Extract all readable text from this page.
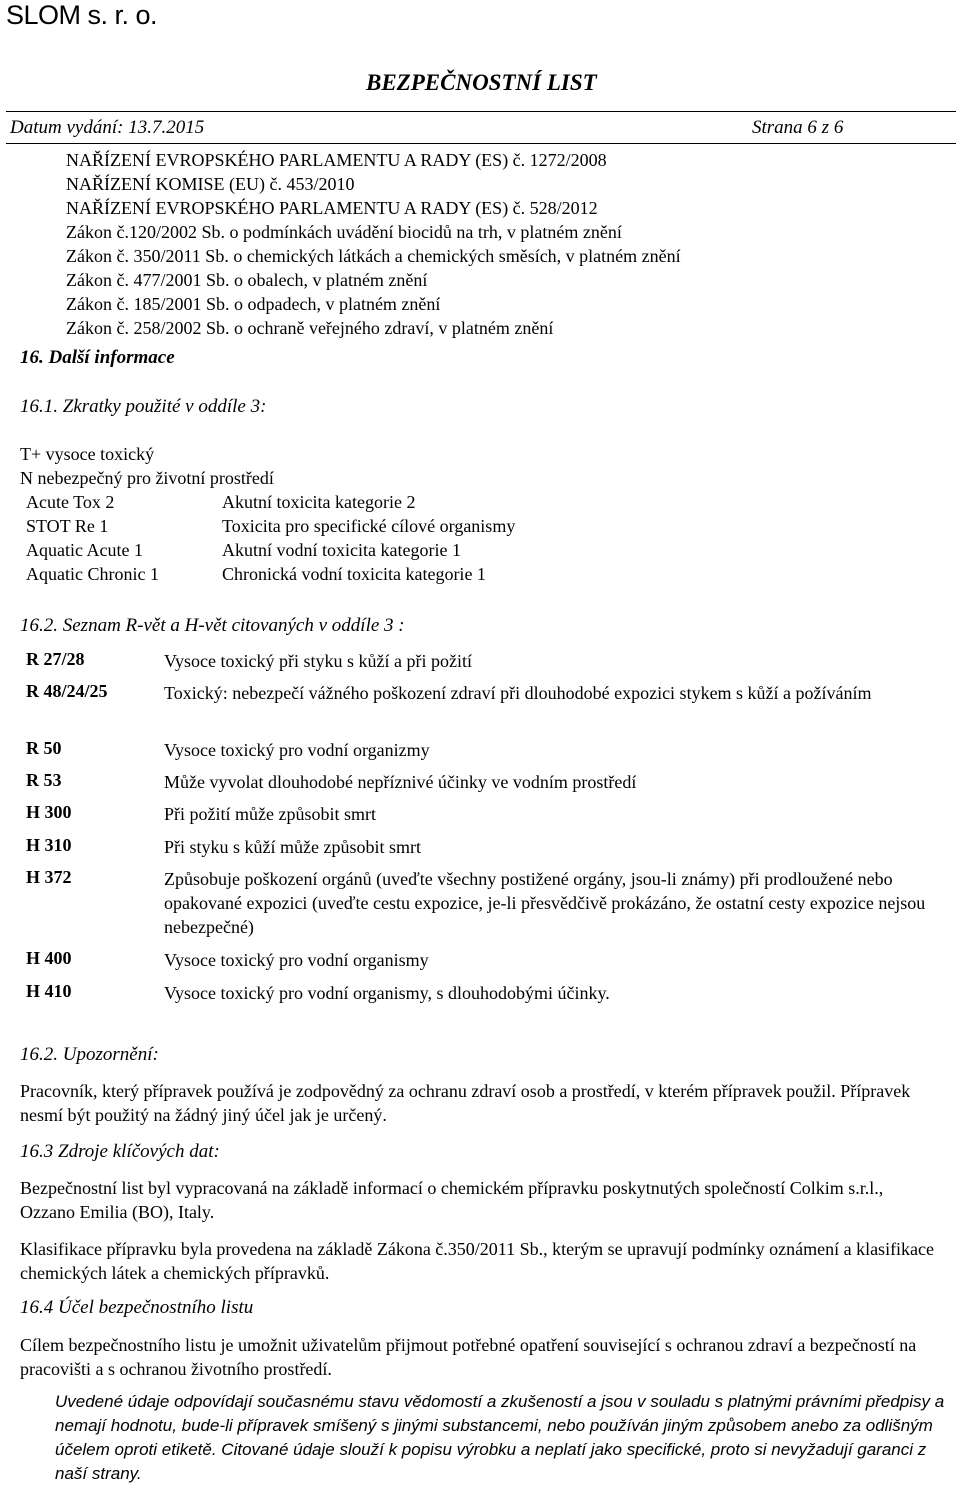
SLOM s. r. o.
BEZPEČNOSTNÍ LIST
Datum vydání: 13.7.2015	Strana 6 z 6
NAŘÍZENÍ EVROPSKÉHO PARLAMENTU A RADY (ES) č. 1272/2008
NAŘÍZENÍ KOMISE (EU) č. 453/2010
NAŘÍZENÍ EVROPSKÉHO PARLAMENTU A RADY (ES) č. 528/2012
Zákon č.120/2002 Sb. o podmínkách uvádění biocidů na trh, v platném znění
Zákon č. 350/2011 Sb. o chemických látkách a chemických směsích, v platném znění
Zákon č. 477/2001 Sb. o obalech, v platném znění
Zákon č. 185/2001 Sb. o odpadech, v platném znění
Zákon č. 258/2002 Sb. o ochraně veřejného zdraví, v platném znění
16. Další informace
16.1. Zkratky použité v oddíle 3:
T+ vysoce toxický
N nebezpečný pro životní prostředí
Acute Tox 2	Akutní toxicita kategorie 2
STOT Re 1	Toxicita pro specifické cílové organismy
Aquatic Acute 1	Akutní vodní toxicita kategorie 1
Aquatic Chronic 1	Chronická vodní toxicita kategorie 1
16.2. Seznam R-vět a H-vět citovaných v oddíle 3 :
R 27/28	Vysoce toxický při styku s kůží a při požití
R 48/24/25	Toxický: nebezpečí vážného poškození zdraví při dlouhodobé expozici stykem s kůží a požíváním
R 50	Vysoce toxický pro vodní organizmy
R 53	Může vyvolat dlouhodobé nepříznivé účinky ve vodním prostředí
H 300	Při požití může způsobit smrt
H 310	Při styku s kůží může způsobit smrt
H 372	Způsobuje poškození orgánů (uveďte všechny postižené orgány, jsou-li známy) při prodloužené nebo opakované expozici (uveďte cestu expozice, je-li přesvědčivě prokázáno, že ostatní cesty expozice nejsou nebezpečné)
H 400	Vysoce toxický pro vodní organismy
H 410	Vysoce toxický pro vodní organismy, s dlouhodobými účinky.
16.2. Upozornění:
Pracovník, který přípravek používá je zodpovědný za ochranu zdraví osob a prostředí, v kterém přípravek použil. Přípravek nesmí být použitý na žádný jiný účel jak je určený.
16.3 Zdroje klíčových dat:
Bezpečnostní list byl vypracovaná na základě informací o chemickém přípravku poskytnutých společností Colkim s.r.l., Ozzano Emilia (BO), Italy.
Klasifikace přípravku byla provedena na základě Zákona č.350/2011 Sb., kterým se upravují podmínky oznámení a klasifikace chemických látek a chemických přípravků.
16.4 Účel bezpečnostního listu
Cílem bezpečnostního listu je umožnit uživatelům přijmout potřebné opatření související s ochranou zdraví a bezpečností na pracovišti a s ochranou životního prostředí.
Uvedené údaje odpovídají současnému stavu vědomostí a zkušeností a jsou v souladu s platnými právními předpisy a nemají hodnotu, bude-li přípravek smíšený s jinými substancemi, nebo používán jiným způsobem anebo za odlišným účelem oproti etiketě. Citované údaje slouží k popisu výrobku a neplatí jako specifické, proto si nevyžadují garanci z naší strany.
